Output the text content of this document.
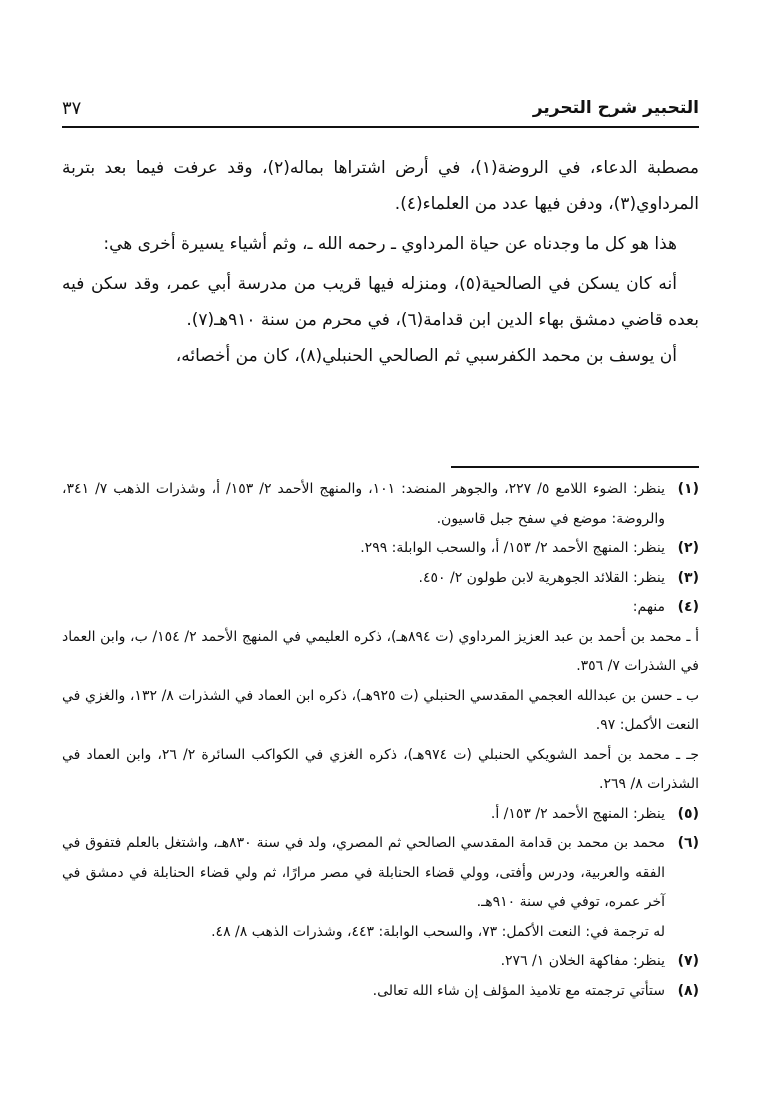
التحبير شرح التحرير
٣٧

مصطبة الدعاء، في الروضة(١)، في أرض اشتراها بماله(٢)، وقد عرفت فيما بعد بتربة المرداوي(٣)، ودفن فيها عدد من العلماء(٤).

هذا هو كل ما وجدناه عن حياة المرداوي ـ رحمه الله ـ، وثم أشياء يسيرة أخرى هي:

أنه كان يسكن في الصالحية(٥)، ومنزله فيها قريب من مدرسة أبي عمر، وقد سكن فيه بعده قاضي دمشق بهاء الدين ابن قدامة(٦)، في محرم من سنة ٩١٠هـ(٧).

أن يوسف بن محمد الكفرسبي ثم الصالحي الحنبلي(٨)، كان من أخصائه،

(١)
ينظر: الضوء اللامع ٥/ ٢٢٧، والجوهر المنضد: ١٠١، والمنهج الأحمد ٢/ ١٥٣/ أ، وشذرات الذهب ٧/ ٣٤١، والروضة: موضع في سفح جبل قاسيون.
(٢)
ينظر: المنهج الأحمد ٢/ ١٥٣/ أ، والسحب الوابلة: ٢٩٩.
(٣)
ينظر: القلائد الجوهرية لابن طولون ٢/ ٤٥٠.
(٤)
منهم:
أ ـ محمد بن أحمد بن عبد العزيز المرداوي (ت ٨٩٤هـ)، ذكره العليمي في المنهج الأحمد ٢/ ١٥٤/ ب، وابن العماد في الشذرات ٧/ ٣٥٦.
ب ـ حسن بن عبدالله العجمي المقدسي الحنبلي (ت ٩٢٥هـ)، ذكره ابن العماد في الشذرات ٨/ ١٣٢، والغزي في النعت الأكمل: ٩٧.
جـ ـ محمد بن أحمد الشويكي الحنبلي (ت ٩٧٤هـ)، ذكره الغزي في الكواكب السائرة ٢/ ٢٦، وابن العماد في الشذرات ٨/ ٢٦٩.
(٥)
ينظر: المنهج الأحمد ٢/ ١٥٣/ أ.
(٦)
محمد بن محمد بن قدامة المقدسي الصالحي ثم المصري، ولد في سنة ٨٣٠هـ، واشتغل بالعلم فتفوق في الفقه والعربية، ودرس وأفتى، وولي قضاء الحنابلة في مصر مرارًا، ثم ولي قضاء الحنابلة في دمشق في آخر عمره، توفي في سنة ٩١٠هـ.
له ترجمة في: النعت الأكمل: ٧٣، والسحب الوابلة: ٤٤٣، وشذرات الذهب ٨/ ٤٨.
(٧)
ينظر: مفاكهة الخلان ١/ ٢٧٦.
(٨)
ستأتي ترجمته مع تلاميذ المؤلف إن شاء الله تعالى.
